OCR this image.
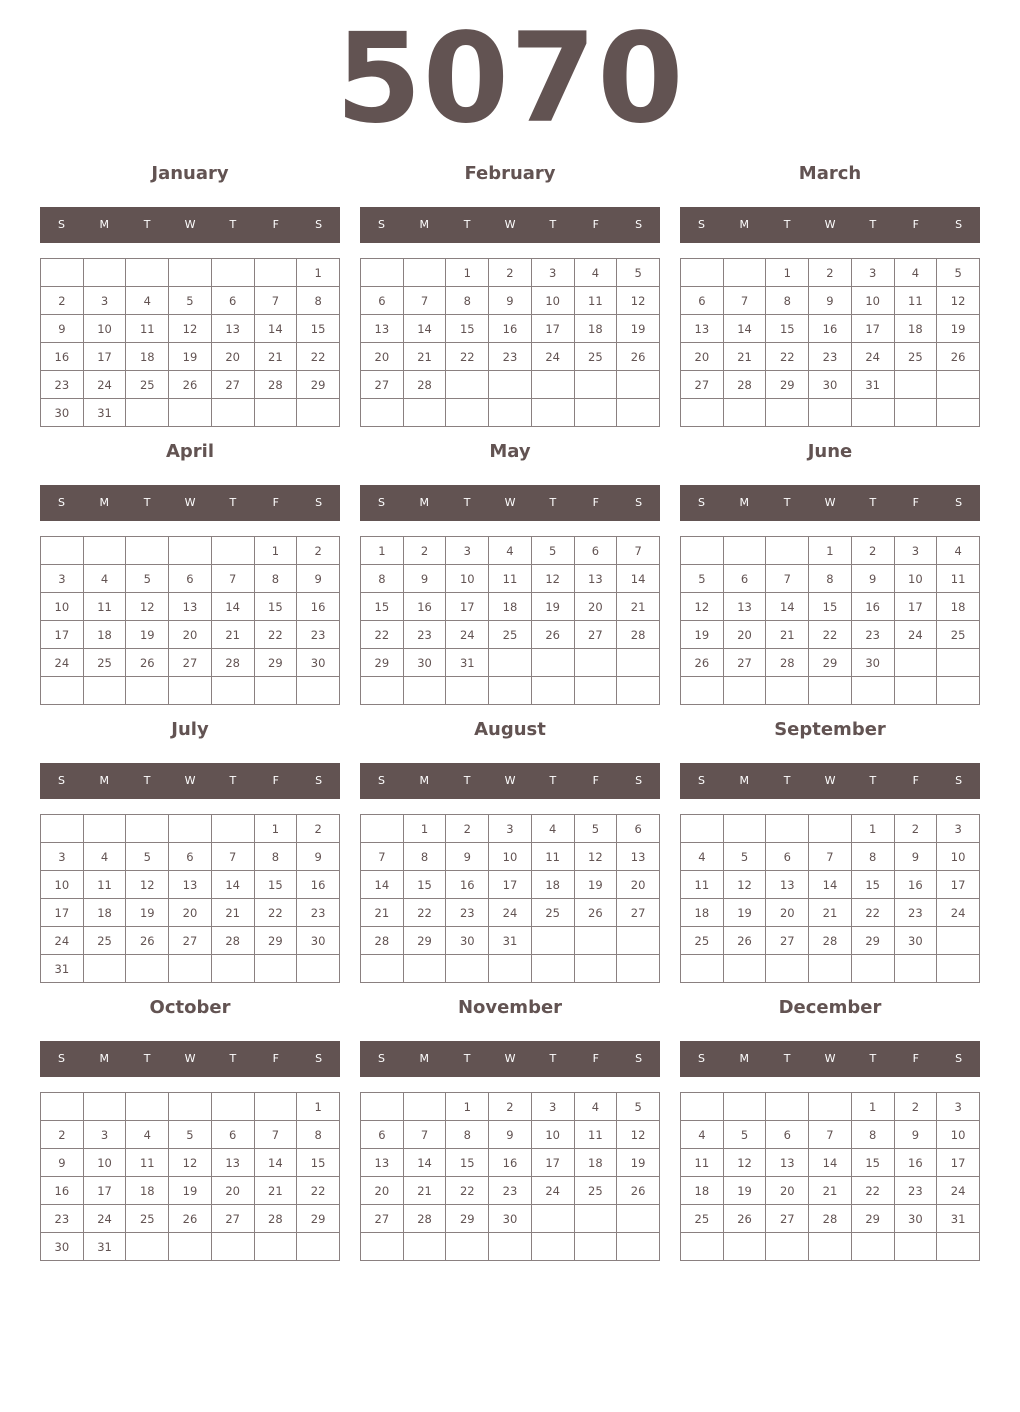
5070
January
S	M	T	W	T	F	S
						1
2	3	4	5	6	7	8
9	10	11	12	13	14	15
16	17	18	19	20	21	22
23	24	25	26	27	28	29
30	31					
February
S	M	T	W	T	F	S
		1	2	3	4	5
6	7	8	9	10	11	12
13	14	15	16	17	18	19
20	21	22	23	24	25	26
27	28					

March
S	M	T	W	T	F	S
		1	2	3	4	5
6	7	8	9	10	11	12
13	14	15	16	17	18	19
20	21	22	23	24	25	26
27	28	29	30	31		

April
S	M	T	W	T	F	S
					1	2
3	4	5	6	7	8	9
10	11	12	13	14	15	16
17	18	19	20	21	22	23
24	25	26	27	28	29	30

May
S	M	T	W	T	F	S
1	2	3	4	5	6	7
8	9	10	11	12	13	14
15	16	17	18	19	20	21
22	23	24	25	26	27	28
29	30	31				

June
S	M	T	W	T	F	S
			1	2	3	4
5	6	7	8	9	10	11
12	13	14	15	16	17	18
19	20	21	22	23	24	25
26	27	28	29	30		

July
S	M	T	W	T	F	S
					1	2
3	4	5	6	7	8	9
10	11	12	13	14	15	16
17	18	19	20	21	22	23
24	25	26	27	28	29	30
31						
August
S	M	T	W	T	F	S
	1	2	3	4	5	6
7	8	9	10	11	12	13
14	15	16	17	18	19	20
21	22	23	24	25	26	27
28	29	30	31			

September
S	M	T	W	T	F	S
				1	2	3
4	5	6	7	8	9	10
11	12	13	14	15	16	17
18	19	20	21	22	23	24
25	26	27	28	29	30	

October
S	M	T	W	T	F	S
						1
2	3	4	5	6	7	8
9	10	11	12	13	14	15
16	17	18	19	20	21	22
23	24	25	26	27	28	29
30	31					
November
S	M	T	W	T	F	S
		1	2	3	4	5
6	7	8	9	10	11	12
13	14	15	16	17	18	19
20	21	22	23	24	25	26
27	28	29	30			

December
S	M	T	W	T	F	S
				1	2	3
4	5	6	7	8	9	10
11	12	13	14	15	16	17
18	19	20	21	22	23	24
25	26	27	28	29	30	31
